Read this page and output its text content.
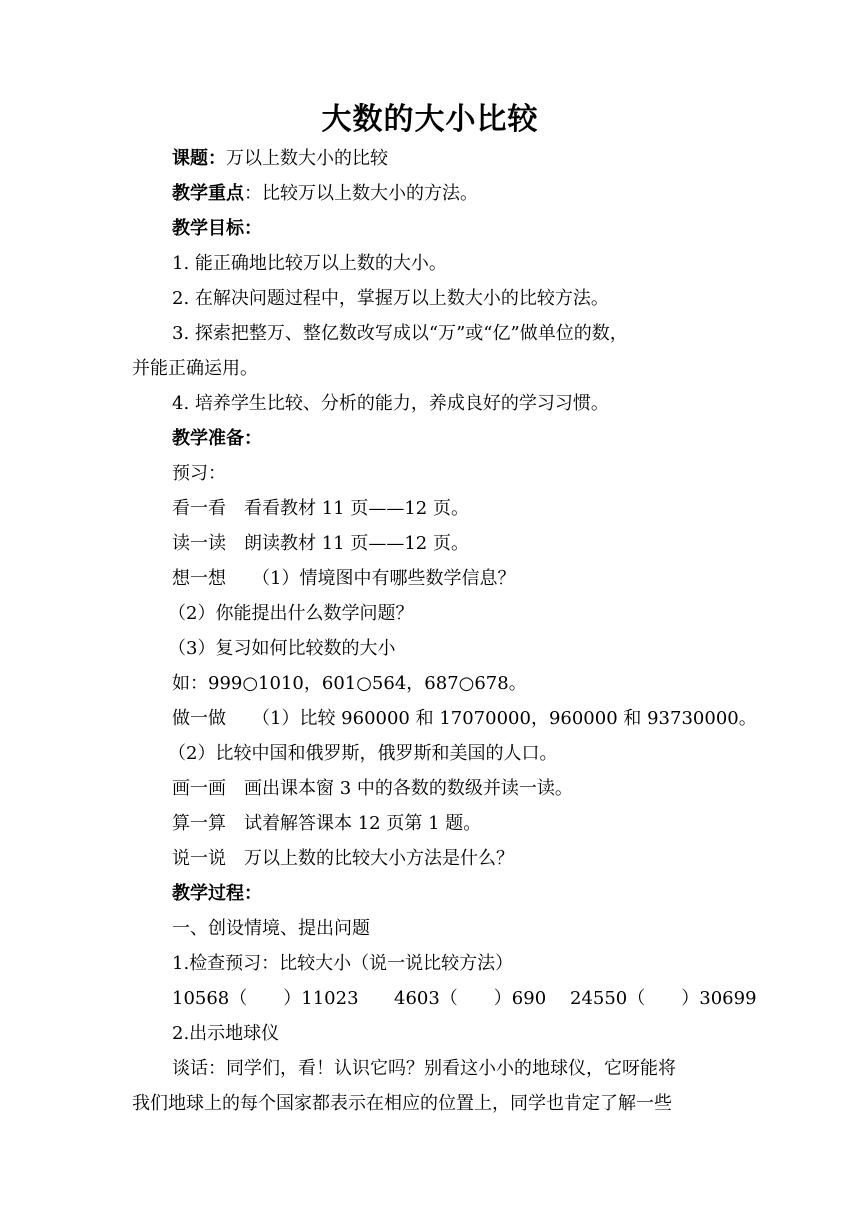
大数的大小比较
课题：万以上数大小的比较
教学重点：比较万以上数大小的方法。
教学目标：
1. 能正确地比较万以上数的大小。
2. 在解决问题过程中，掌握万以上数大小的比较方法。
3. 探索把整万、整亿数改写成以“万”或“亿”做单位的数，
并能正确运用。
4. 培养学生比较、分析的能力，养成良好的学习习惯。
教学准备：
预习：
看一看 看看教材 11 页——12 页。
读一读 朗读教材 11 页——12 页。
想一想 （1）情境图中有哪些数学信息？
（2）你能提出什么数学问题？
（3）复习如何比较数的大小
如：999○1010，601○564，687○678。
做一做 （1）比较 960000 和 17070000，960000 和 93730000。
（2）比较中国和俄罗斯，俄罗斯和美国的人口。
画一画 画出课本窗 3 中的各数的数级并读一读。
算一算 试着解答课本 12 页第 1 题。
说一说 万以上数的比较大小方法是什么？
教学过程：
一、创设情境、提出问题
1.检查预习：比较大小（说一说比较方法）
10568（　　）11023 4603（　　）690 24550（　　）30699
2.出示地球仪
谈话：同学们，看！认识它吗？别看这小小的地球仪，它呀能将
我们地球上的每个国家都表示在相应的位置上，同学也肯定了解一些
